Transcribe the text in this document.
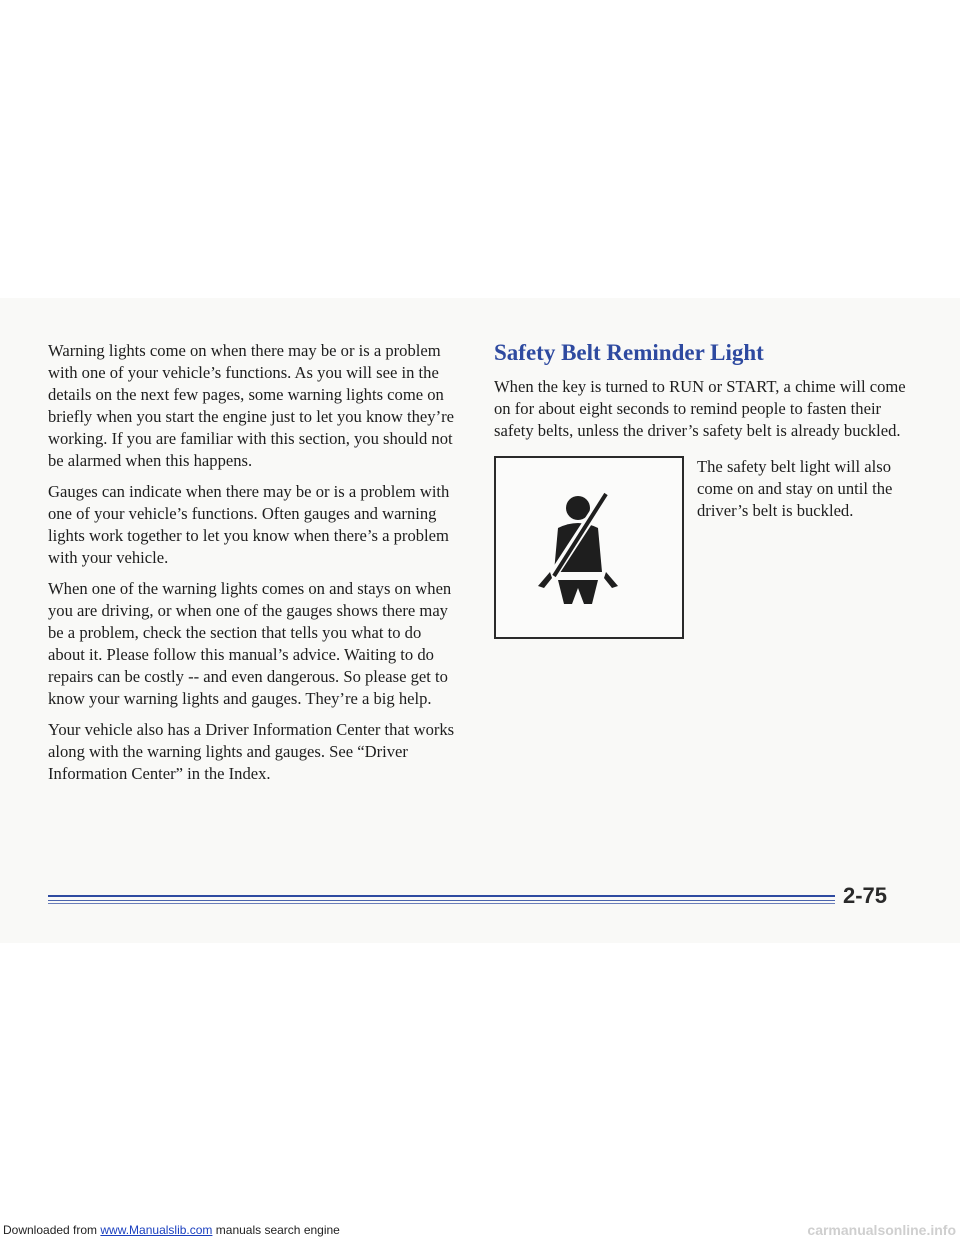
Warning lights come on when there may be or is a problem with one of your vehicle’s functions. As you will see in the details on the next few pages, some warning lights come on briefly when you start the engine just to let you know they’re working. If you are familiar with this section, you should not be alarmed when this happens.

Gauges can indicate when there may be or is a problem with one of your vehicle’s functions. Often gauges and warning lights work together to let you know when there’s a problem with your vehicle.

When one of the warning lights comes on and stays on when you are driving, or when one of the gauges shows there may be a problem, check the section that tells you what to do about it. Please follow this manual’s advice. Waiting to do repairs can be costly -- and even dangerous. So please get to know your warning lights and gauges. They’re a big help.

Your vehicle also has a Driver Information Center that works along with the warning lights and gauges. See “Driver Information Center” in the Index.

Safety Belt Reminder Light

When the key is turned to RUN or START, a chime will come on for about eight seconds to remind people to fasten their safety belts, unless the driver’s safety belt is already buckled.

The safety belt light will also come on and stay on until the driver’s belt is buckled.

2-75
Downloaded from www.Manualslib.com manuals search engine	carmanualsonline.info
